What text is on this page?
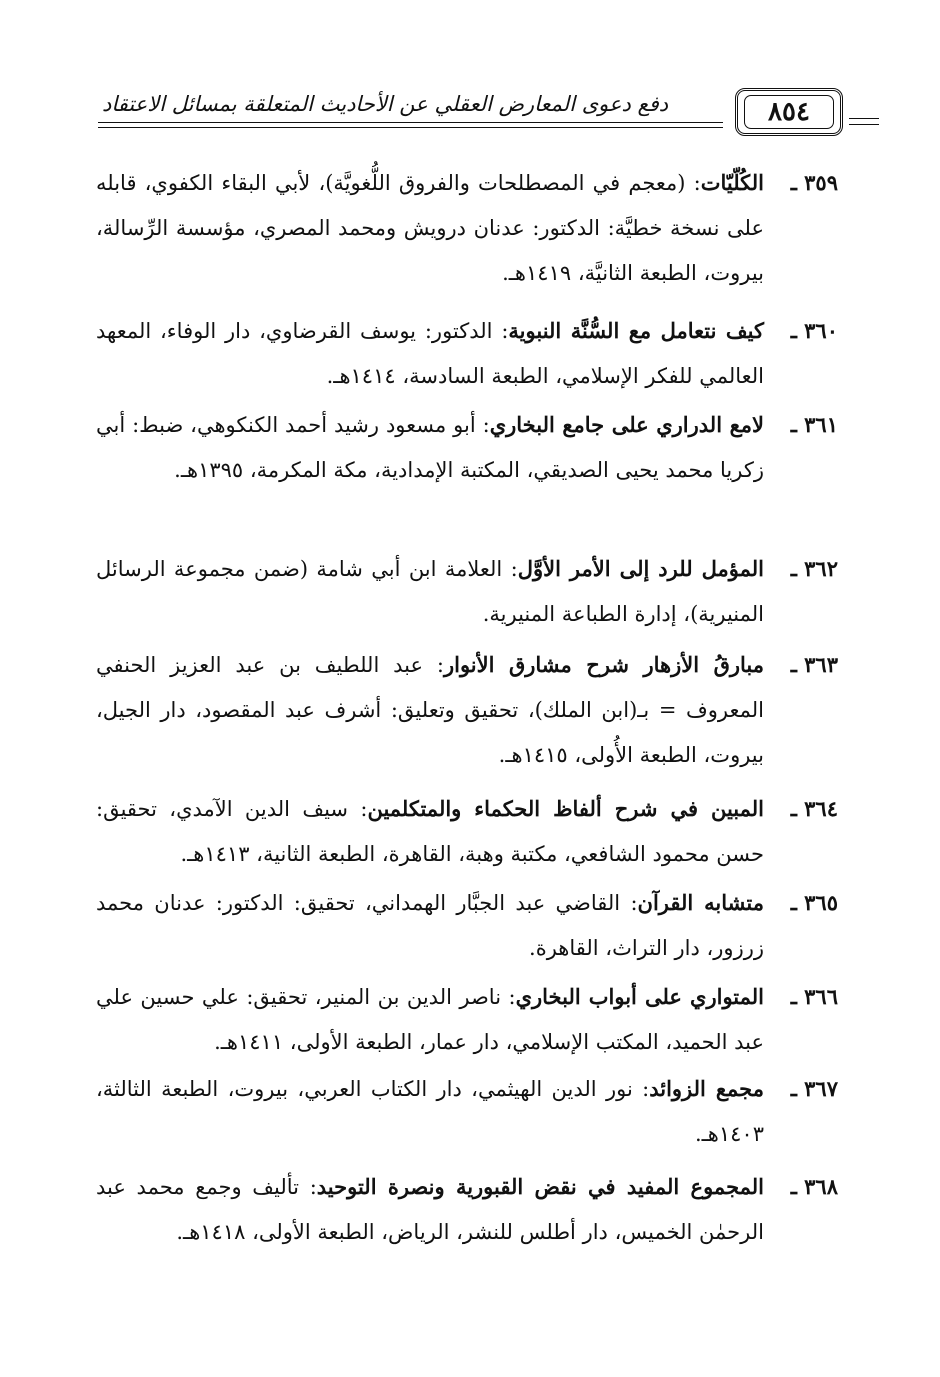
٨٥٤
دفع دعوى المعارض العقلي عن الأحاديث المتعلقة بمسائل الاعتقاد
٣٥٩ ـ
الكُلّيّات: (معجم في المصطلحات والفروق اللُّغويَّة)، لأبي البقاء الكفوي، قابله على نسخة خطيَّة: الدكتور: عدنان درويش ومحمد المصري، مؤسسة الرِّسالة، بيروت، الطبعة الثانيَّة، ١٤١٩هـ.
٣٦٠ ـ
كيف نتعامل مع السُّنَّة النبوية: الدكتور: يوسف القرضاوي، دار الوفاء، المعهد العالمي للفكر الإسلامي، الطبعة السادسة، ١٤١٤هـ.
٣٦١ ـ
لامع الدراري على جامع البخاري: أبو مسعود رشيد أحمد الكنكوهي، ضبط: أبي زكريا محمد يحيى الصديقي، المكتبة الإمدادية، مكة المكرمة، ١٣٩٥هـ.
٣٦٢ ـ
المؤمل للرد إلى الأمر الأوَّل: العلامة ابن أبي شامة (ضمن مجموعة الرسائل المنيرية)، إدارة الطباعة المنيرية.
٣٦٣ ـ
مبارقُ الأزهار شرح مشارق الأنوار: عبد اللطيف بن عبد العزيز الحنفي المعروف = بـ(ابن الملك)، تحقيق وتعليق: أشرف عبد المقصود، دار الجيل، بيروت، الطبعة الأُولى، ١٤١٥هـ.
٣٦٤ ـ
المبين في شرح ألفاظ الحكماء والمتكلمين: سيف الدين الآمدي، تحقيق: حسن محمود الشافعي، مكتبة وهبة، القاهرة، الطبعة الثانية، ١٤١٣هـ.
٣٦٥ ـ
متشابه القرآن: القاضي عبد الجبَّار الهمداني، تحقيق: الدكتور: عدنان محمد زرزور، دار التراث، القاهرة.
٣٦٦ ـ
المتواري على أبواب البخاري: ناصر الدين بن المنير، تحقيق: علي حسين علي عبد الحميد، المكتب الإسلامي، دار عمار، الطبعة الأولى، ١٤١١هـ.
٣٦٧ ـ
مجمع الزوائد: نور الدين الهيثمي، دار الكتاب العربي، بيروت، الطبعة الثالثة، ١٤٠٣هـ.
٣٦٨ ـ
المجموع المفيد في نقض القبورية ونصرة التوحيد: تأليف وجمع محمد عبد الرحمٰن الخميس، دار أطلس للنشر، الرياض، الطبعة الأولى، ١٤١٨هـ.
